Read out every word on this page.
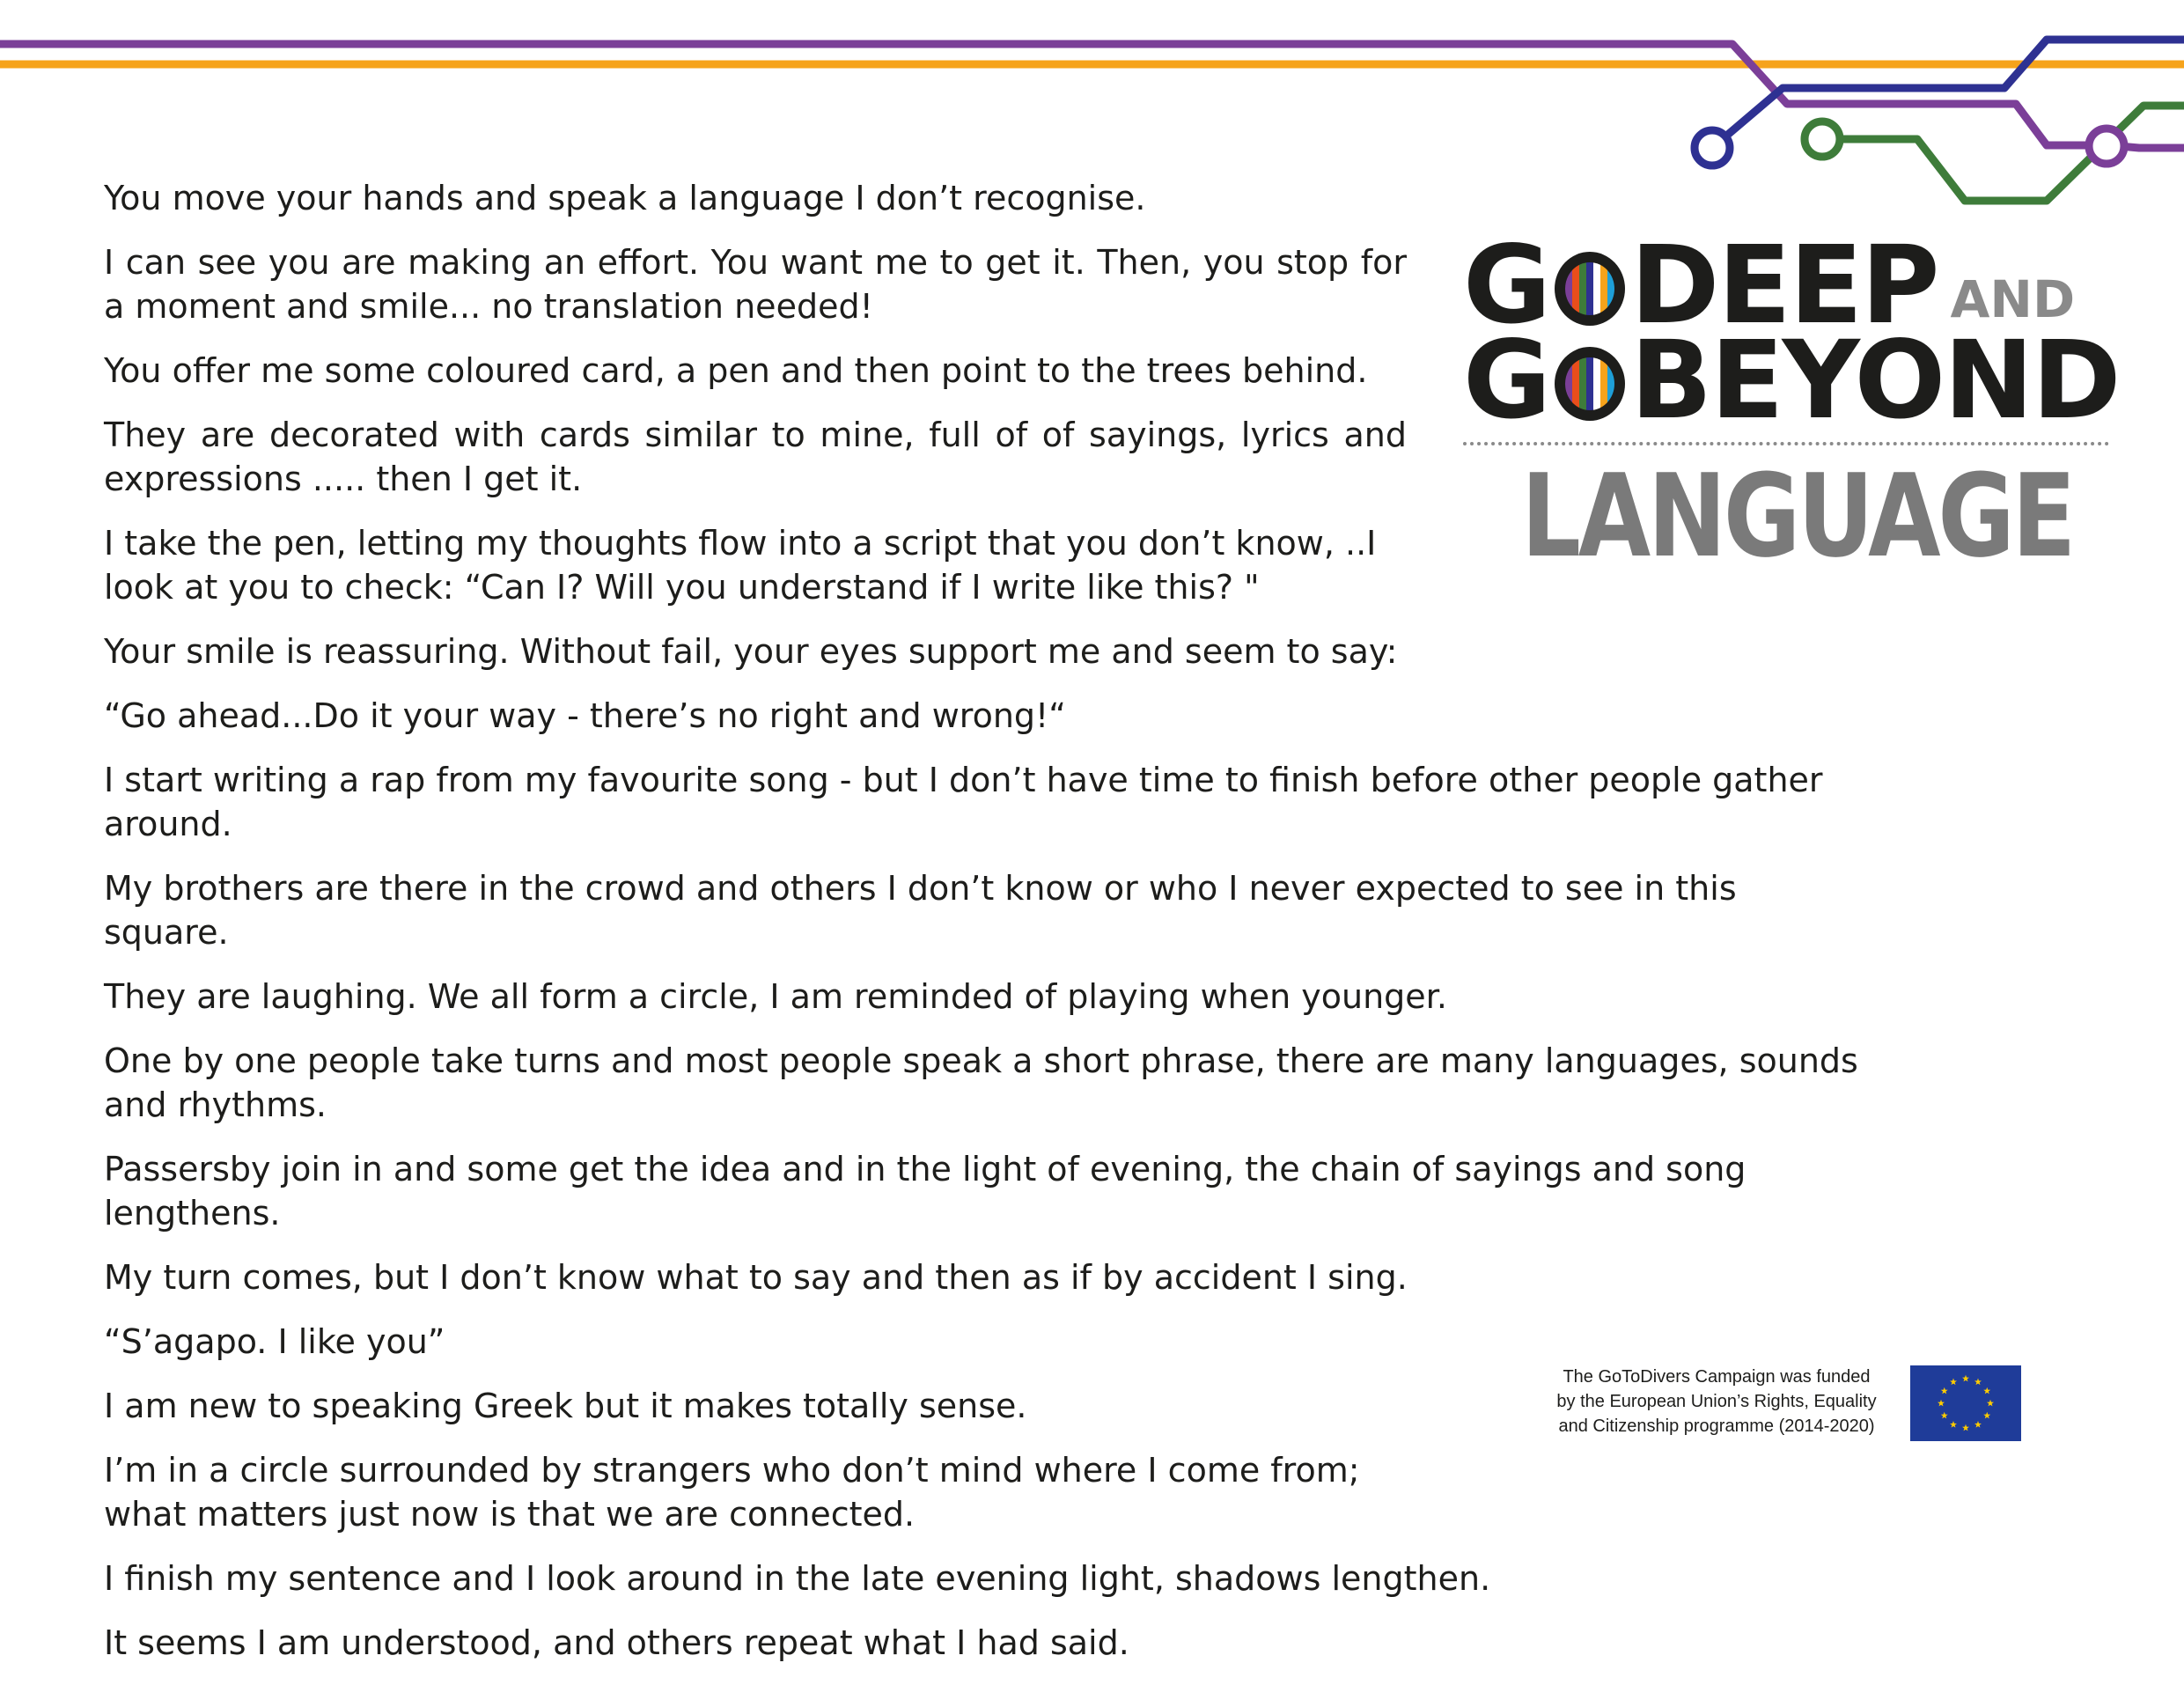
You move your hands and speak a language I don’t recognise.

I can see you are making an effort. You want me to get it. Then, you stop for a moment and smile... no translation needed!

You offer me some coloured card, a pen and then point to the trees behind.

They are decorated with cards similar to mine, full of of sayings, lyrics and expressions ..... then I get it.

I take the pen, letting my thoughts flow into a script that you don’t know, ..I look at you to check: “Can I? Will you understand if I write like this? "

Your smile is reassuring. Without fail, your eyes support me and seem to say:

“Go ahead...Do it your way - there’s no right and wrong!“

I start writing a rap from my favourite song - but I don’t have time to finish before other people gather around.

My brothers are there in the crowd and others I don’t know or who I never expected to see in this square.

They are laughing. We all form a circle, I am reminded of playing when younger.

One by one people take turns and most people speak a short phrase, there are many languages, sounds and rhythms.

Passersby join in and some get the idea and in the light of evening, the chain of sayings and song lengthens.

My turn comes, but I don’t know what to say and then as if by accident I sing.

“S’agapo. I like you”

I am new to speaking Greek but it makes totally sense.

I’m in a circle surrounded by strangers who don’t mind where I come from; what matters just now is that we are connected.

I finish my sentence and I look around in the late evening light, shadows lengthen.

It seems I am understood, and others repeat what I had said.

G
DEEP AND
G
BEYOND
LANGUAGE
The GoToDivers Campaign was funded
by the European Union’s Rights, Equality
and Citizenship programme (2014-2020)
